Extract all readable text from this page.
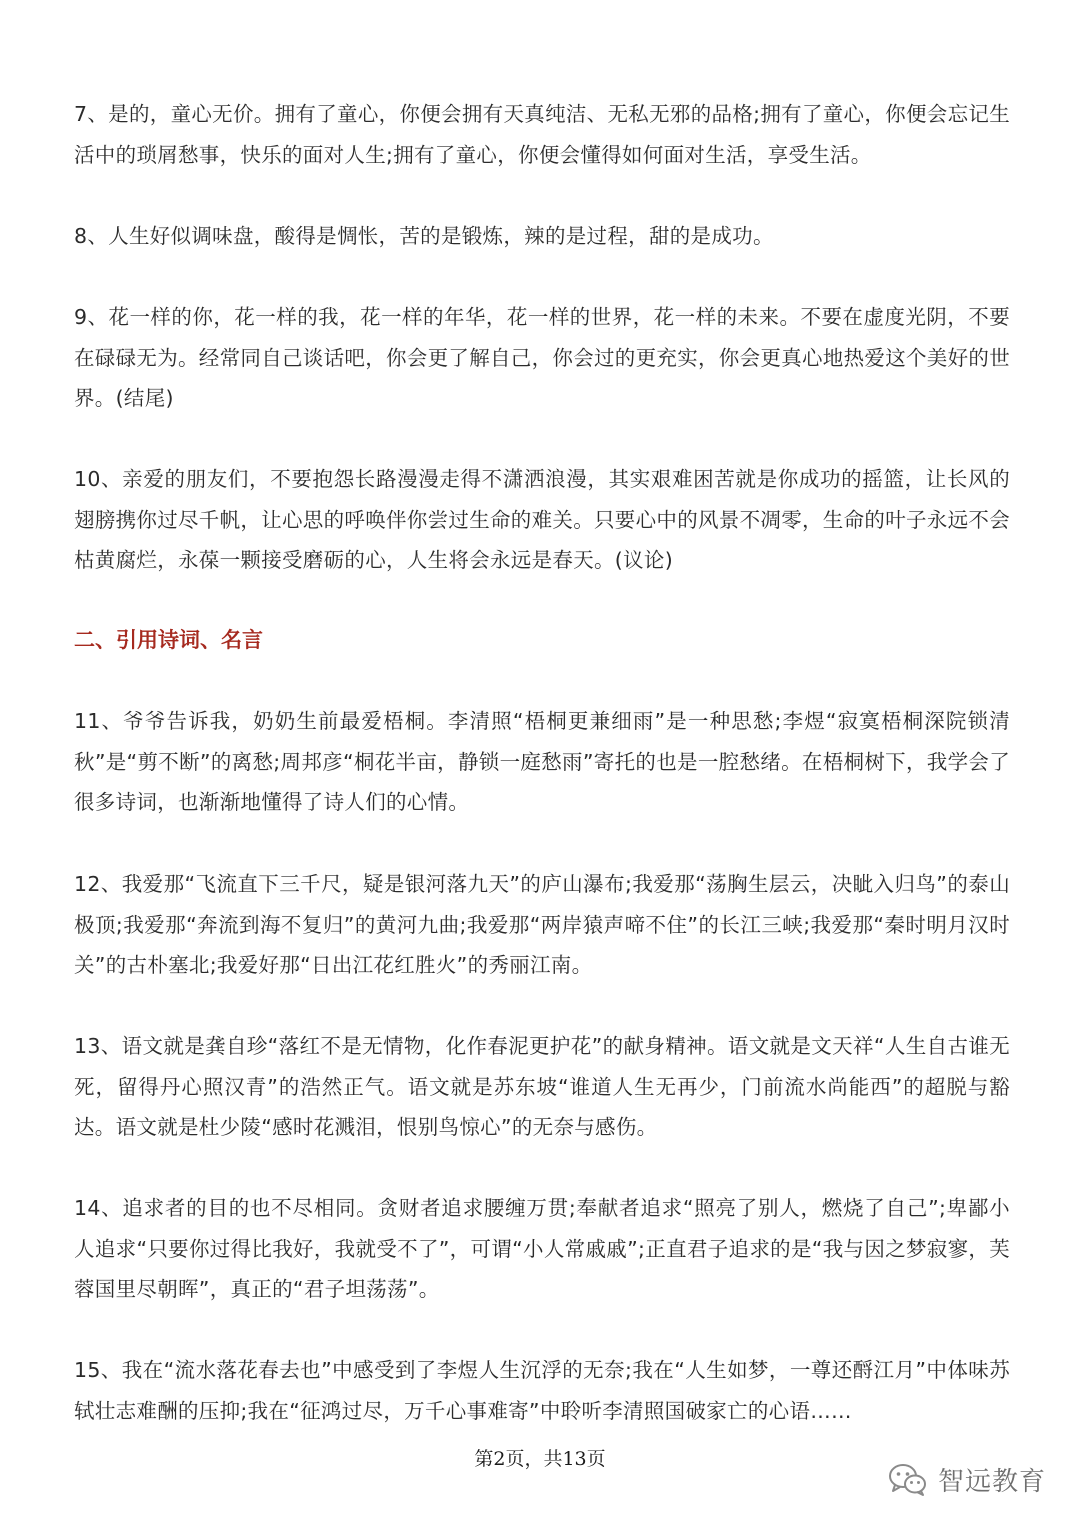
7、是的，童心无价。拥有了童心，你便会拥有天真纯洁、无私无邪的品格;拥有了童心，你便会忘记生活中的琐屑愁事，快乐的面对人生;拥有了童心，你便会懂得如何面对生活，享受生活。

8、人生好似调味盘，酸得是惆怅，苦的是锻炼，辣的是过程，甜的是成功。

9、花一样的你，花一样的我，花一样的年华，花一样的世界，花一样的未来。不要在虚度光阴，不要在碌碌无为。经常同自己谈话吧，你会更了解自己，你会过的更充实，你会更真心地热爱这个美好的世界。(结尾)

10、亲爱的朋友们，不要抱怨长路漫漫走得不潇洒浪漫，其实艰难困苦就是你成功的摇篮，让长风的翅膀携你过尽千帆，让心思的呼唤伴你尝过生命的难关。只要心中的风景不凋零，生命的叶子永远不会枯黄腐烂，永葆一颗接受磨砺的心，人生将会永远是春天。(议论)

二、引用诗词、名言

11、爷爷告诉我，奶奶生前最爱梧桐。李清照“梧桐更兼细雨”是一种思愁;李煜“寂寞梧桐深院锁清秋”是“剪不断”的离愁;周邦彦“桐花半亩，静锁一庭愁雨”寄托的也是一腔愁绪。在梧桐树下，我学会了很多诗词，也渐渐地懂得了诗人们的心情。

12、我爱那“飞流直下三千尺，疑是银河落九天”的庐山瀑布;我爱那“荡胸生层云，决眦入归鸟”的泰山极顶;我爱那“奔流到海不复归”的黄河九曲;我爱那“两岸猿声啼不住”的长江三峡;我爱那“秦时明月汉时关”的古朴塞北;我爱好那“日出江花红胜火”的秀丽江南。

13、语文就是龚自珍“落红不是无情物，化作春泥更护花”的献身精神。语文就是文天祥“人生自古谁无死，留得丹心照汉青”的浩然正气。语文就是苏东坡“谁道人生无再少，门前流水尚能西”的超脱与豁达。语文就是杜少陵“感时花溅泪，恨别鸟惊心”的无奈与感伤。

14、追求者的目的也不尽相同。贪财者追求腰缠万贯;奉献者追求“照亮了别人，燃烧了自己”;卑鄙小人追求“只要你过得比我好，我就受不了”，可谓“小人常戚戚”;正直君子追求的是“我与因之梦寂寥，芙蓉国里尽朝晖”，真正的“君子坦荡荡”。

15、我在“流水落花春去也”中感受到了李煜人生沉浮的无奈;我在“人生如梦，一尊还酹江月”中体味苏轼壮志难酬的压抑;我在“征鸿过尽，万千心事难寄”中聆听李清照国破家亡的心语……

第2页，共13页
智远教育
